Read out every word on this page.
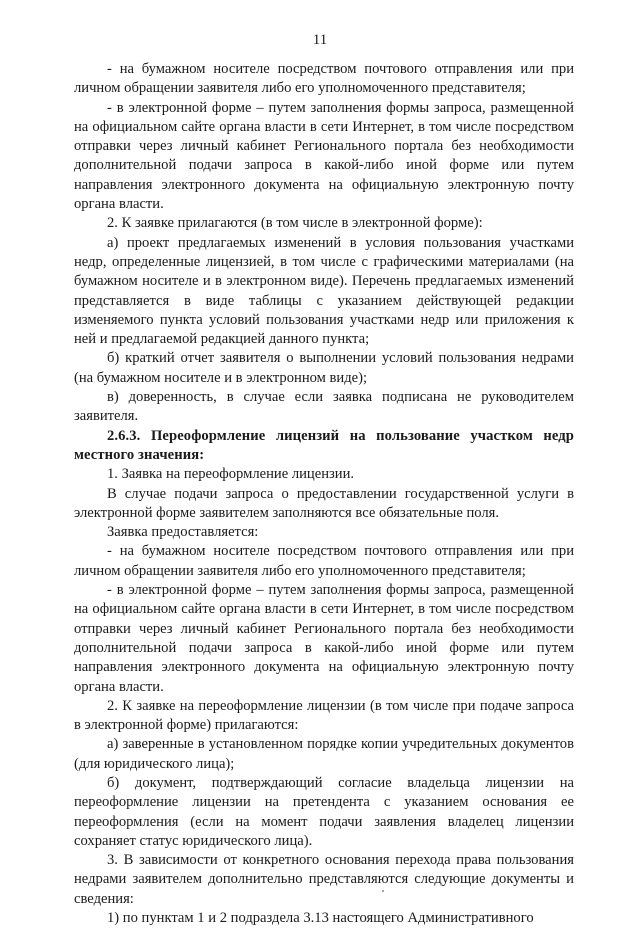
11

- на бумажном носителе посредством почтового отправления или при личном обращении заявителя либо его уполномоченного представителя;

- в электронной форме – путем заполнения формы запроса, размещенной на официальном сайте органа власти в сети Интернет, в том числе посредством отправки через личный кабинет Регионального портала без необходимости дополнительной подачи запроса в какой-либо иной форме или путем направления электронного документа на официальную электронную почту органа власти.

2. К заявке прилагаются (в том числе в электронной форме):

а) проект предлагаемых изменений в условия пользования участками недр, определенные лицензией, в том числе с графическими материалами (на бумажном носителе и в электронном виде). Перечень предлагаемых изменений представляется в виде таблицы с указанием действующей редакции изменяемого пункта условий пользования участками недр или приложения к ней и предлагаемой редакцией данного пункта;

б) краткий отчет заявителя о выполнении условий пользования недрами (на бумажном носителе и в электронном виде);

в) доверенность, в случае если заявка подписана не руководителем заявителя.

2.6.3. Переоформление лицензий на пользование участком недр местного значения:

1. Заявка на переоформление лицензии.

В случае подачи запроса о предоставлении государственной услуги в электронной форме заявителем заполняются все обязательные поля.

Заявка предоставляется:

- на бумажном носителе посредством почтового отправления или при личном обращении заявителя либо его уполномоченного представителя;

- в электронной форме – путем заполнения формы запроса, размещенной на официальном сайте органа власти в сети Интернет, в том числе посредством отправки через личный кабинет Регионального портала без необходимости дополнительной подачи запроса в какой-либо иной форме или путем направления электронного документа на официальную электронную почту органа власти.

2. К заявке на переоформление лицензии (в том числе при подаче запроса в электронной форме) прилагаются:

а) заверенные в установленном порядке копии учредительных документов (для юридического лица);

б) документ, подтверждающий согласие владельца лицензии на переоформление лицензии на претендента с указанием основания ее переоформления (если на момент подачи заявления владелец лицензии сохраняет статус юридического лица).

3. В зависимости от конкретного основания перехода права пользования недрами заявителем дополнительно представляются следующие документы и сведения:

1) по пунктам 1 и 2 подраздела 3.13 настоящего Административного
